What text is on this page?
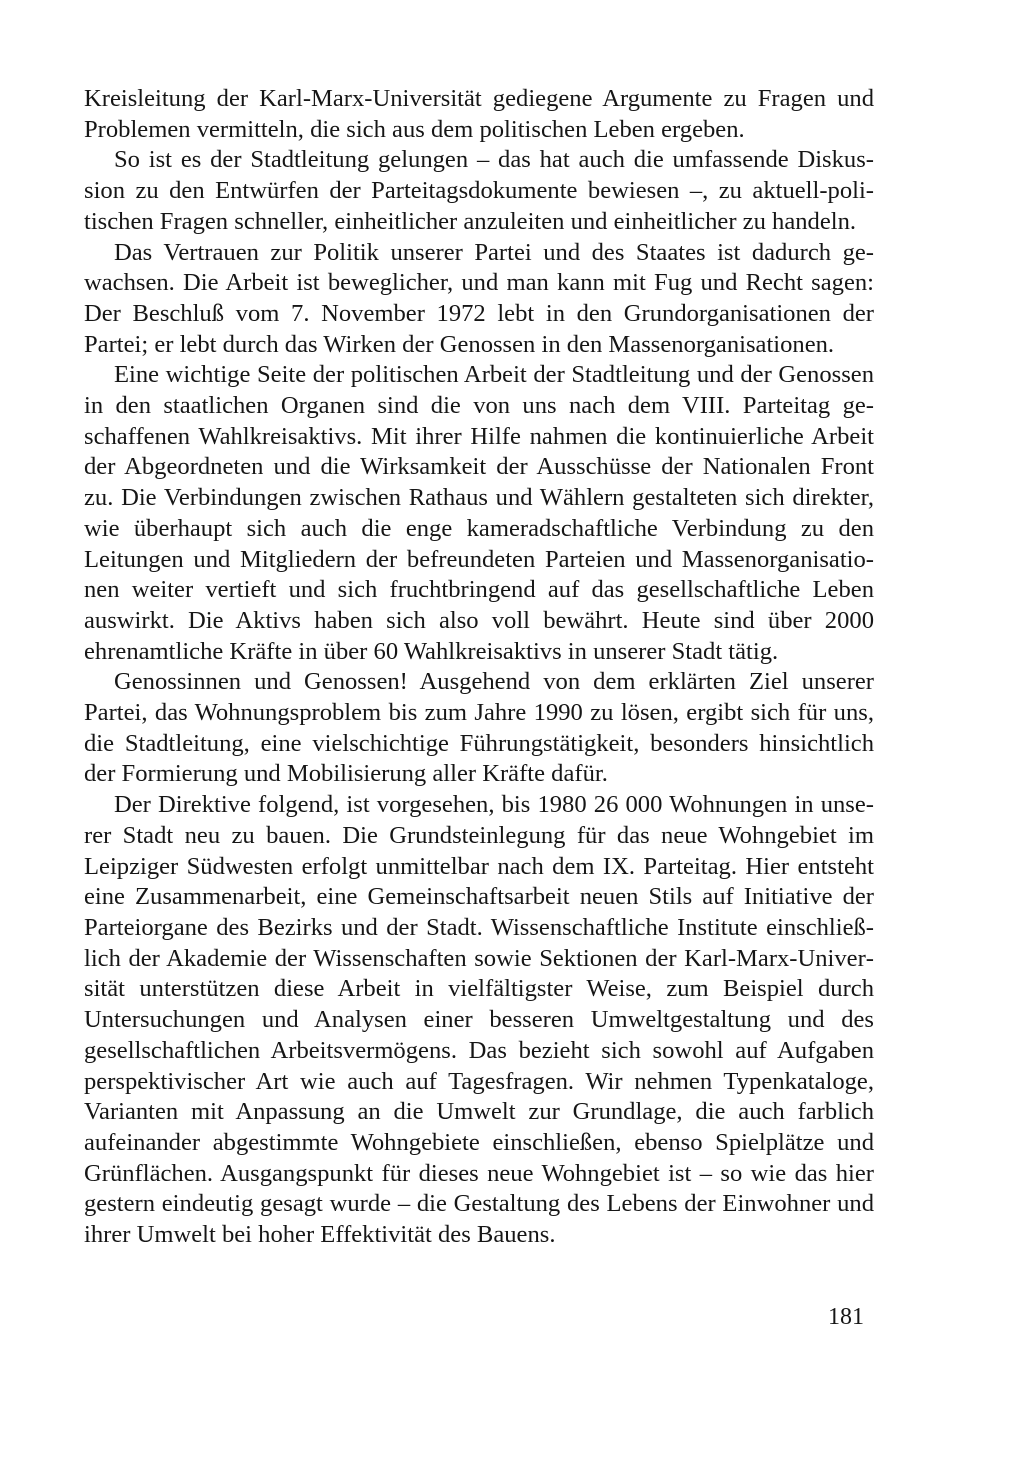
Kreisleitung der Karl-Marx-Universität gediegene Argumente zu Fragen und Problemen vermitteln, die sich aus dem politischen Leben ergeben.

So ist es der Stadtleitung gelungen – das hat auch die umfassende Diskussion zu den Entwürfen der Parteitagsdokumente bewiesen –, zu aktuell-politischen Fragen schneller, einheitlicher anzuleiten und einheitlicher zu handeln.

Das Vertrauen zur Politik unserer Partei und des Staates ist dadurch gewachsen. Die Arbeit ist beweglicher, und man kann mit Fug und Recht sagen: Der Beschluß vom 7. November 1972 lebt in den Grundorganisationen der Partei; er lebt durch das Wirken der Genossen in den Massenorganisationen.

Eine wichtige Seite der politischen Arbeit der Stadtleitung und der Genossen in den staatlichen Organen sind die von uns nach dem VIII. Parteitag geschaffenen Wahlkreisaktivs. Mit ihrer Hilfe nahmen die kontinuierliche Arbeit der Abgeordneten und die Wirksamkeit der Ausschüsse der Nationalen Front zu. Die Verbindungen zwischen Rathaus und Wählern gestalteten sich direkter, wie überhaupt sich auch die enge kameradschaftliche Verbindung zu den Leitungen und Mitgliedern der befreundeten Parteien und Massenorganisationen weiter vertieft und sich fruchtbringend auf das gesellschaftliche Leben auswirkt. Die Aktivs haben sich also voll bewährt. Heute sind über 2000 ehrenamtliche Kräfte in über 60 Wahlkreisaktivs in unserer Stadt tätig.

Genossinnen und Genossen! Ausgehend von dem erklärten Ziel unserer Partei, das Wohnungsproblem bis zum Jahre 1990 zu lösen, ergibt sich für uns, die Stadtleitung, eine vielschichtige Führungstätigkeit, besonders hinsichtlich der Formierung und Mobilisierung aller Kräfte dafür.

Der Direktive folgend, ist vorgesehen, bis 1980 26 000 Wohnungen in unserer Stadt neu zu bauen. Die Grundsteinlegung für das neue Wohngebiet im Leipziger Südwesten erfolgt unmittelbar nach dem IX. Parteitag. Hier entsteht eine Zusammenarbeit, eine Gemeinschaftsarbeit neuen Stils auf Initiative der Parteiorgane des Bezirks und der Stadt. Wissenschaftliche Institute einschließlich der Akademie der Wissenschaften sowie Sektionen der Karl-Marx-Universität unterstützen diese Arbeit in vielfältigster Weise, zum Beispiel durch Untersuchungen und Analysen einer besseren Umweltgestaltung und des gesellschaftlichen Arbeitsvermögens. Das bezieht sich sowohl auf Aufgaben perspektivischer Art wie auch auf Tagesfragen. Wir nehmen Typenkataloge, Varianten mit Anpassung an die Umwelt zur Grundlage, die auch farblich aufeinander abgestimmte Wohngebiete einschließen, ebenso Spielplätze und Grünflächen. Ausgangspunkt für dieses neue Wohngebiet ist – so wie das hier gestern eindeutig gesagt wurde – die Gestaltung des Lebens der Einwohner und ihrer Umwelt bei hoher Effektivität des Bauens.

181
